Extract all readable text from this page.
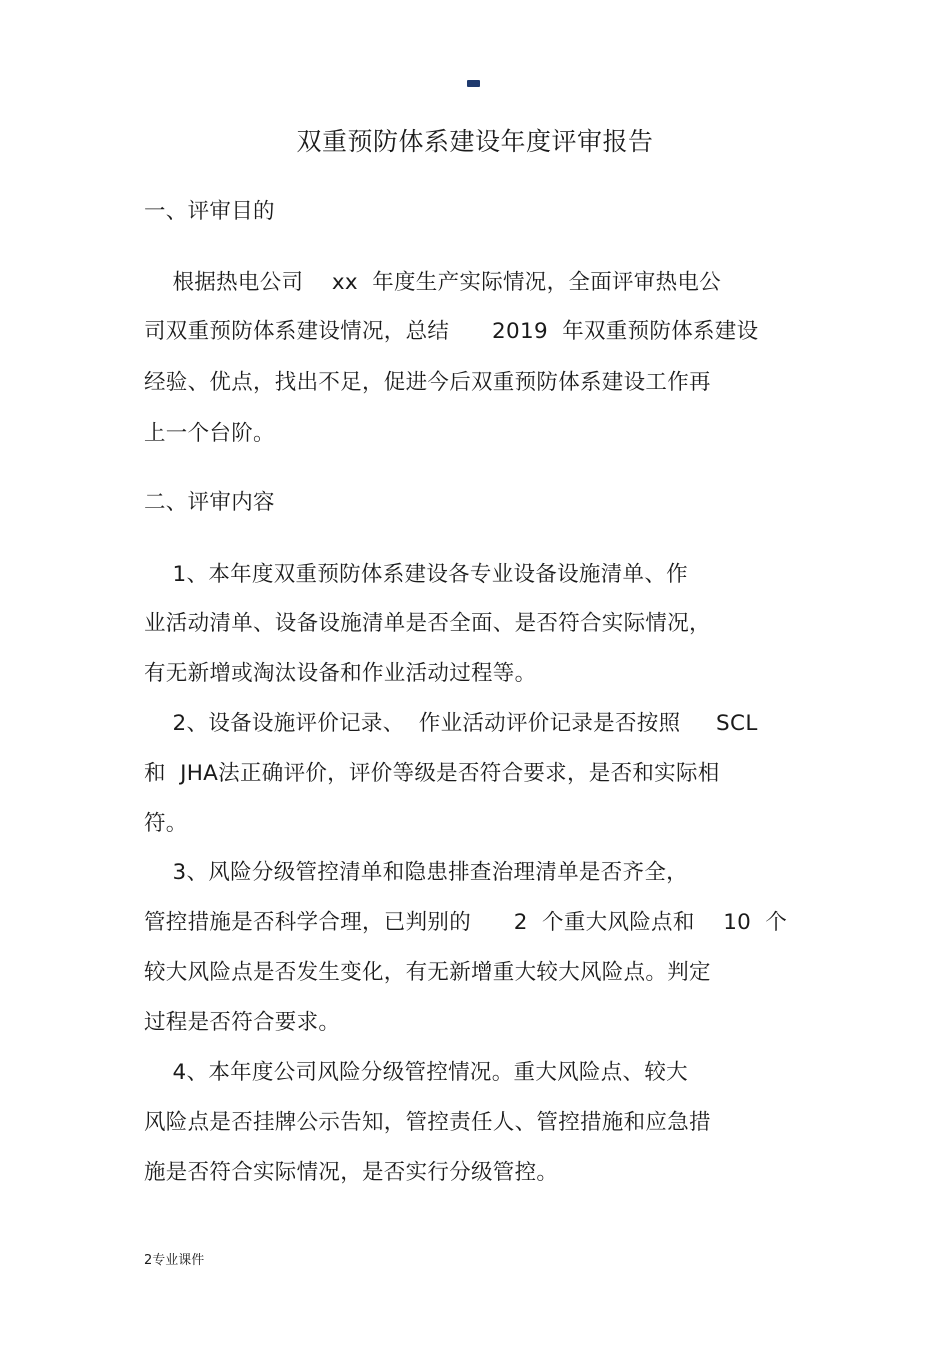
双重预防体系建设年度评审报告
一、评审目的
根据热电公司    xx  年度生产实际情况，全面评审热电公
司双重预防体系建设情况，总结      2019  年双重预防体系建设
经验、优点，找出不足，促进今后双重预防体系建设工作再
上一个台阶。
二、评审内容
1、本年度双重预防体系建设各专业设备设施清单、作
业活动清单、设备设施清单是否全面、是否符合实际情况，
有无新增或淘汰设备和作业活动过程等。
2、设备设施评价记录、  作业活动评价记录是否按照     SCL
和  JHA法正确评价，评价等级是否符合要求，是否和实际相
符。
3、风险分级管控清单和隐患排查治理清单是否齐全，
管控措施是否科学合理，已判别的      2  个重大风险点和    10  个
较大风险点是否发生变化，有无新增重大较大风险点。判定
过程是否符合要求。
4、本年度公司风险分级管控情况。重大风险点、较大
风险点是否挂牌公示告知，管控责任人、管控措施和应急措
施是否符合实际情况，是否实行分级管控。
2专业课件
